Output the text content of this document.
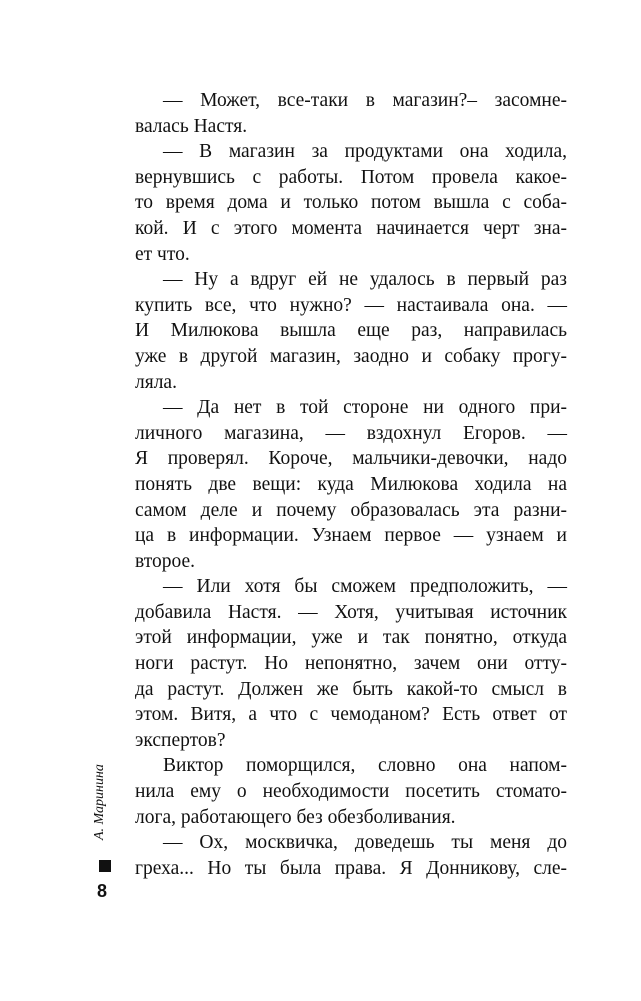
— Может, все-таки в магазин?– засомне-
валась Настя.
— В магазин за продуктами она ходила,
вернувшись с работы. Потом провела какое-
то время дома и только потом вышла с соба-
кой. И с этого момента начинается черт зна-
ет что.
— Ну а вдруг ей не удалось в первый раз
купить все, что нужно? — настаивала она. —
И Милюкова вышла еще раз, направилась
уже в другой магазин, заодно и собаку прогу-
ляла.
— Да нет в той стороне ни одного при-
личного магазина, — вздохнул Егоров. —
Я проверял. Короче, мальчики-девочки, надо
понять две вещи: куда Милюкова ходила на
самом деле и почему образовалась эта разни-
ца в информации. Узнаем первое — узнаем и
второе.
— Или хотя бы сможем предположить, —
добавила Настя. — Хотя, учитывая источник
этой информации, уже и так понятно, откуда
ноги растут. Но непонятно, зачем они отту-
да растут. Должен же быть какой-то смысл в
этом. Витя, а что с чемоданом? Есть ответ от
экспертов?
Виктор поморщился, словно она напом-
нила ему о необходимости посетить стомато-
лога, работающего без обезболивания.
— Ох, москвичка, доведешь ты меня до
греха... Но ты была права. Я Донникову, сле-
А. Маринина
8
